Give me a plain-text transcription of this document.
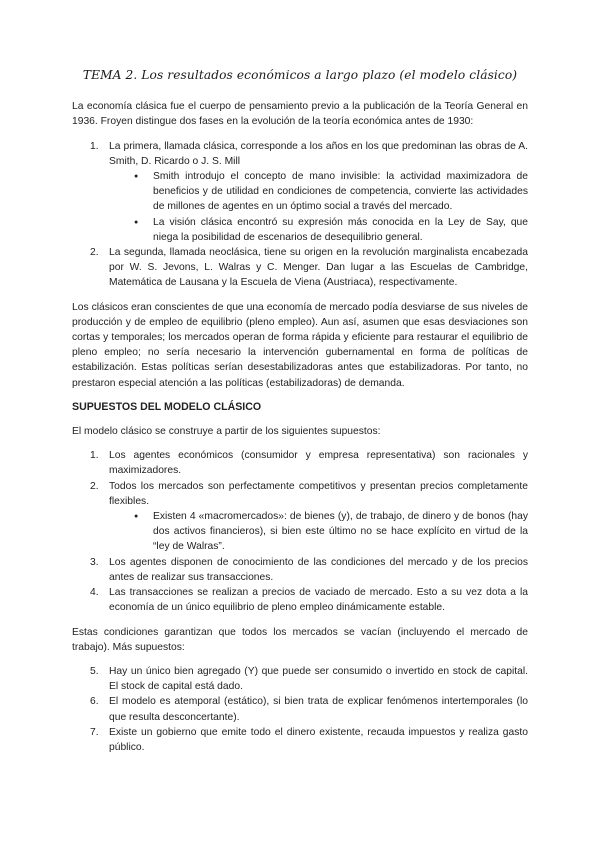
TEMA 2. Los resultados económicos a largo plazo (el modelo clásico)

La economía clásica fue el cuerpo de pensamiento previo a la publicación de la Teoría General en 1936. Froyen distingue dos fases en la evolución de la teoría económica antes de 1930:

1. La primera, llamada clásica, corresponde a los años en los que predominan las obras de A. Smith, D. Ricardo o J. S. Mill
● Smith introdujo el concepto de mano invisible: la actividad maximizadora de beneficios y de utilidad en condiciones de competencia, convierte las actividades de millones de agentes en un óptimo social a través del mercado.
● La visión clásica encontró su expresión más conocida en la Ley de Say, que niega la posibilidad de escenarios de desequilibrio general.
2. La segunda, llamada neoclásica, tiene su origen en la revolución marginalista encabezada por W. S. Jevons, L. Walras y C. Menger. Dan lugar a las Escuelas de Cambridge, Matemática de Lausana y la Escuela de Viena (Austriaca), respectivamente.

Los clásicos eran conscientes de que una economía de mercado podía desviarse de sus niveles de producción y de empleo de equilibrio (pleno empleo). Aun así, asumen que esas desviaciones son cortas y temporales; los mercados operan de forma rápida y eficiente para restaurar el equilibrio de pleno empleo; no sería necesario la intervención gubernamental en forma de políticas de estabilización. Estas políticas serían desestabilizadoras antes que estabilizadoras. Por tanto, no prestaron especial atención a las políticas (estabilizadoras) de demanda.

SUPUESTOS DEL MODELO CLÁSICO

El modelo clásico se construye a partir de los siguientes supuestos:

1. Los agentes económicos (consumidor y empresa representativa) son racionales y maximizadores.
2. Todos los mercados son perfectamente competitivos y presentan precios completamente flexibles.
● Existen 4 «macromercados»: de bienes (y), de trabajo, de dinero y de bonos (hay dos activos financieros), si bien este último no se hace explícito en virtud de la “ley de Walras”.
3. Los agentes disponen de conocimiento de las condiciones del mercado y de los precios antes de realizar sus transacciones.
4. Las transacciones se realizan a precios de vaciado de mercado. Esto a su vez dota a la economía de un único equilibrio de pleno empleo dinámicamente estable.

Estas condiciones garantizan que todos los mercados se vacían (incluyendo el mercado de trabajo). Más supuestos:

5. Hay un único bien agregado (Y) que puede ser consumido o invertido en stock de capital. El stock de capital está dado.
6. El modelo es atemporal (estático), si bien trata de explicar fenómenos intertemporales (lo que resulta desconcertante).
7. Existe un gobierno que emite todo el dinero existente, recauda impuestos y realiza gasto público.
